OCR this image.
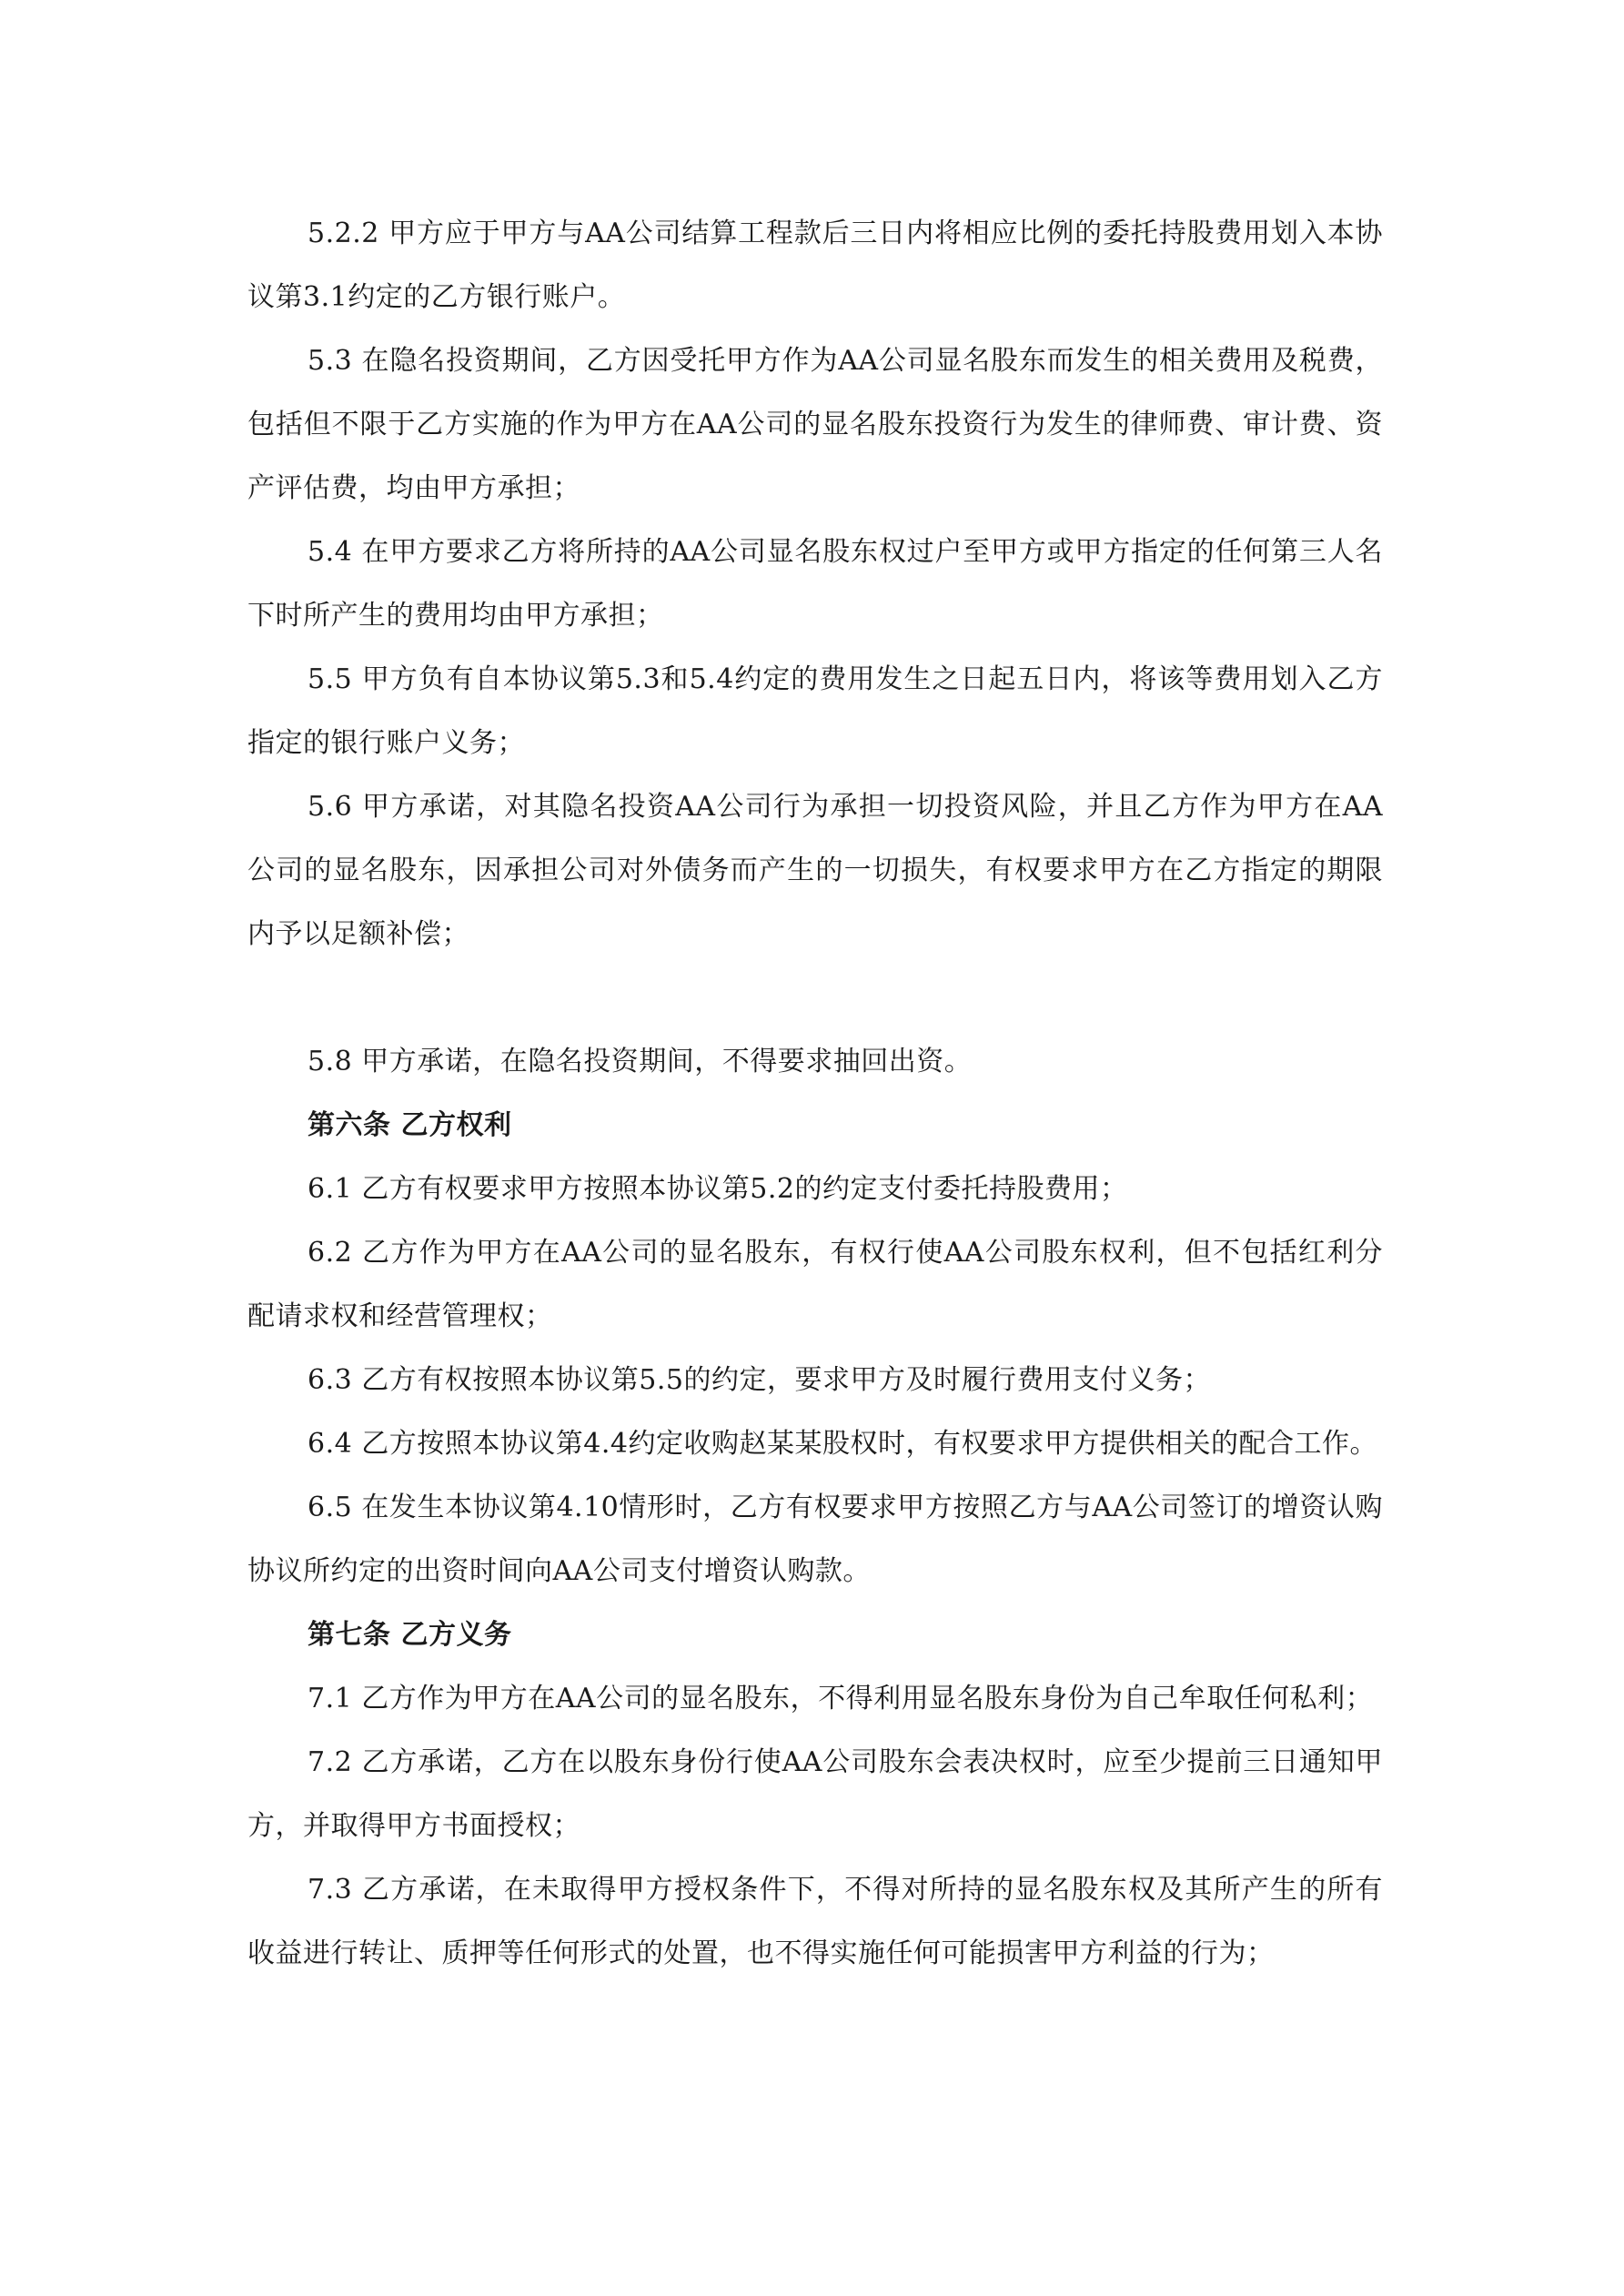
5.2.2 甲方应于甲方与AA公司结算工程款后三日内将相应比例的委托持股费用划入本协议第3.1约定的乙方银行账户。

5.3 在隐名投资期间，乙方因受托甲方作为AA公司显名股东而发生的相关费用及税费，包括但不限于乙方实施的作为甲方在AA公司的显名股东投资行为发生的律师费、审计费、资产评估费，均由甲方承担；

5.4 在甲方要求乙方将所持的AA公司显名股东权过户至甲方或甲方指定的任何第三人名下时所产生的费用均由甲方承担；

5.5 甲方负有自本协议第5.3和5.4约定的费用发生之日起五日内，将该等费用划入乙方指定的银行账户义务；

5.6 甲方承诺，对其隐名投资AA公司行为承担一切投资风险，并且乙方作为甲方在AA公司的显名股东，因承担公司对外债务而产生的一切损失，有权要求甲方在乙方指定的期限内予以足额补偿；

5.8 甲方承诺，在隐名投资期间，不得要求抽回出资。

第六条 乙方权利

6.1 乙方有权要求甲方按照本协议第5.2的约定支付委托持股费用；

6.2 乙方作为甲方在AA公司的显名股东，有权行使AA公司股东权利，但不包括红利分配请求权和经营管理权；

6.3 乙方有权按照本协议第5.5的约定，要求甲方及时履行费用支付义务；

6.4 乙方按照本协议第4.4约定收购赵某某股权时，有权要求甲方提供相关的配合工作。

6.5 在发生本协议第4.10情形时，乙方有权要求甲方按照乙方与AA公司签订的增资认购协议所约定的出资时间向AA公司支付增资认购款。

第七条 乙方义务

7.1 乙方作为甲方在AA公司的显名股东，不得利用显名股东身份为自己牟取任何私利；

7.2 乙方承诺，乙方在以股东身份行使AA公司股东会表决权时，应至少提前三日通知甲方，并取得甲方书面授权；

7.3 乙方承诺，在未取得甲方授权条件下，不得对所持的显名股东权及其所产生的所有收益进行转让、质押等任何形式的处置，也不得实施任何可能损害甲方利益的行为；
